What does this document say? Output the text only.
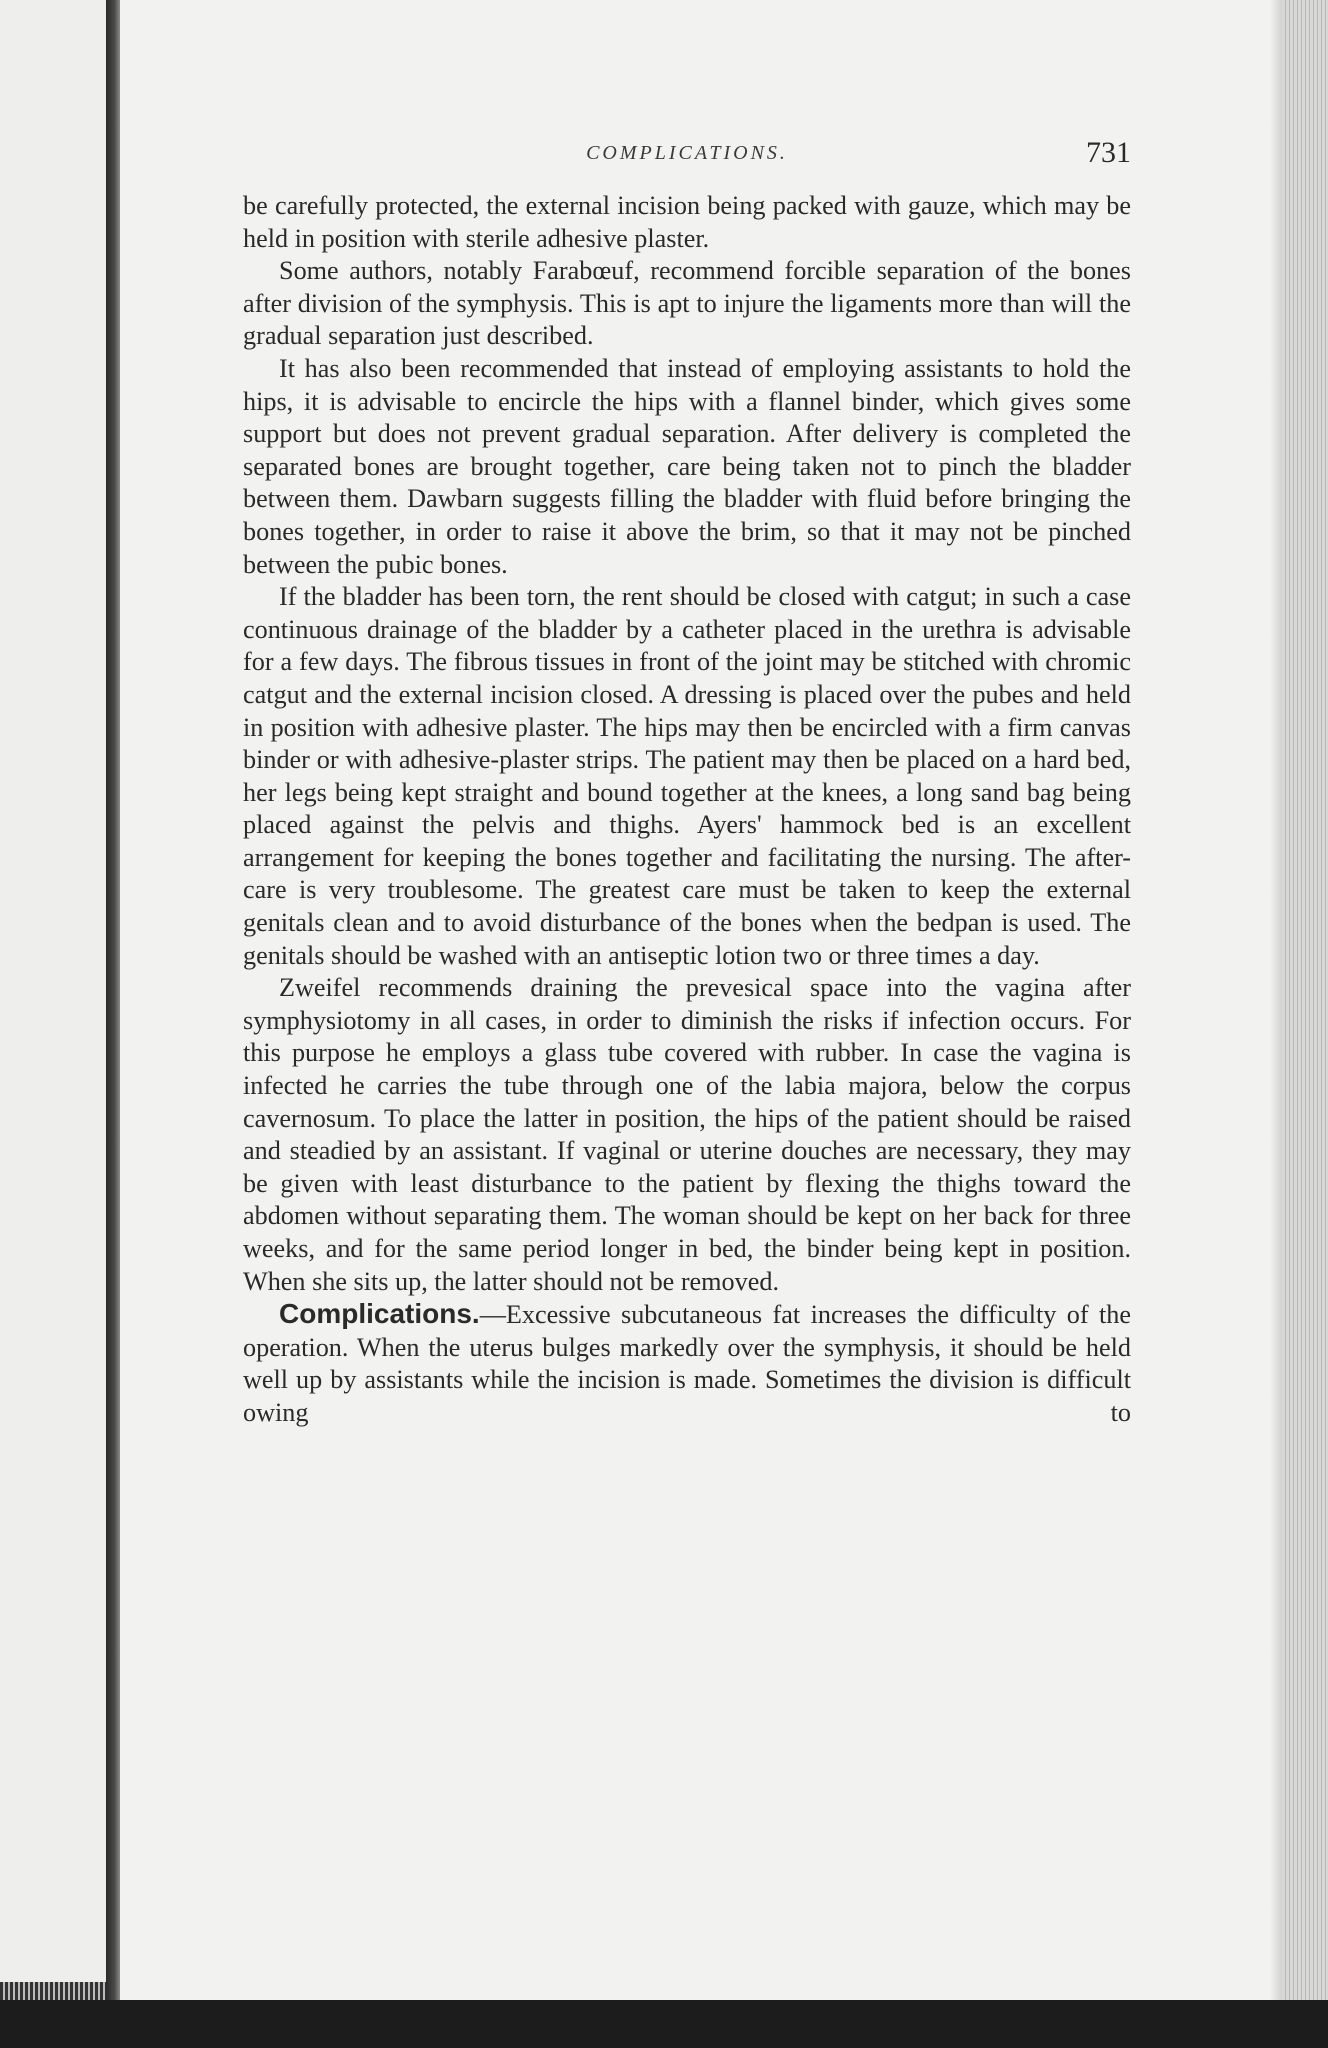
COMPLICATIONS.	731

be carefully protected, the external incision being packed with gauze, which may be held in position with sterile adhesive plaster.

Some authors, notably Farabœuf, recommend forcible separation of the bones after division of the symphysis. This is apt to injure the ligaments more than will the gradual separation just described.

It has also been recommended that instead of employing assistants to hold the hips, it is advisable to encircle the hips with a flannel binder, which gives some support but does not prevent gradual separation. After delivery is completed the separated bones are brought together, care being taken not to pinch the bladder between them. Dawbarn suggests filling the bladder with fluid before bringing the bones together, in order to raise it above the brim, so that it may not be pinched between the pubic bones.

If the bladder has been torn, the rent should be closed with catgut; in such a case continuous drainage of the bladder by a catheter placed in the urethra is advisable for a few days. The fibrous tissues in front of the joint may be stitched with chromic catgut and the external incision closed. A dressing is placed over the pubes and held in position with adhesive plaster. The hips may then be encircled with a firm canvas binder or with adhesive-plaster strips. The patient may then be placed on a hard bed, her legs being kept straight and bound together at the knees, a long sand bag being placed against the pelvis and thighs. Ayers' hammock bed is an excellent arrangement for keeping the bones together and facilitating the nursing. The after-care is very troublesome. The greatest care must be taken to keep the external genitals clean and to avoid disturbance of the bones when the bedpan is used. The genitals should be washed with an antiseptic lotion two or three times a day.

Zweifel recommends draining the prevesical space into the vagina after symphysiotomy in all cases, in order to diminish the risks if infection occurs. For this purpose he employs a glass tube covered with rubber. In case the vagina is infected he carries the tube through one of the labia majora, below the corpus cavernosum. To place the latter in position, the hips of the patient should be raised and steadied by an assistant. If vaginal or uterine douches are necessary, they may be given with least disturbance to the patient by flexing the thighs toward the abdomen without separating them. The woman should be kept on her back for three weeks, and for the same period longer in bed, the binder being kept in position. When she sits up, the latter should not be removed.

Complications.—Excessive subcutaneous fat increases the difficulty of the operation. When the uterus bulges markedly over the symphysis, it should be held well up by assistants while the incision is made. Sometimes the division is difficult owing to
